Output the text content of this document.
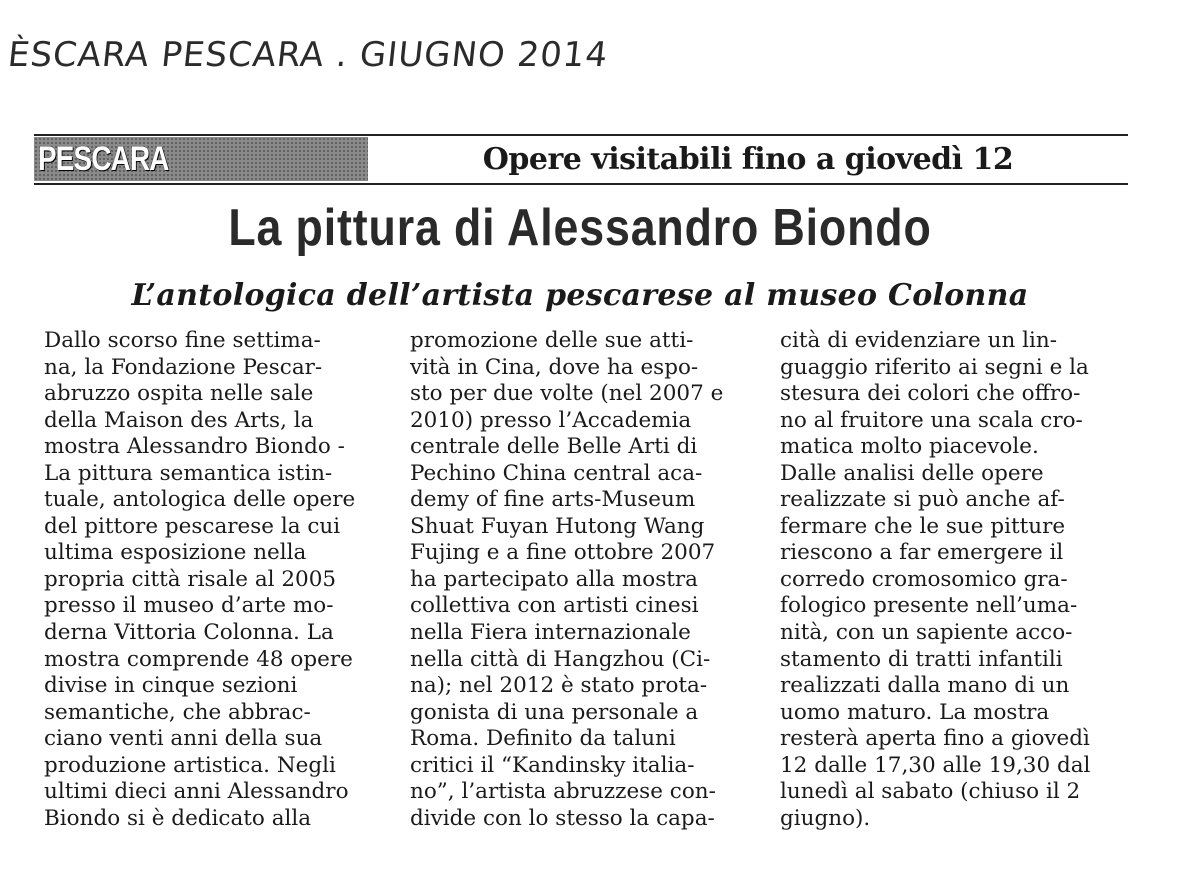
ÈSCARA PESCARA . GIUGNO 2014
PESCARA	Opere visitabili fino a giovedì 12
La pittura di Alessandro Biondo
L’antologica dell’artista pescarese al museo Colonna
Dallo scorso fine settima-
na, la Fondazione Pescar-
abruzzo ospita nelle sale
della Maison des Arts, la
mostra Alessandro Biondo -
La pittura semantica istin-
tuale, antologica delle opere
del pittore pescarese la cui
ultima esposizione nella
propria città risale al 2005
presso il museo d’arte mo-
derna Vittoria Colonna. La
mostra comprende 48 opere
divise in cinque sezioni
semantiche, che abbrac-
ciano venti anni della sua
produzione artistica. Negli
ultimi dieci anni Alessandro
Biondo si è dedicato alla
promozione delle sue atti-
vità in Cina, dove ha espo-
sto per due volte (nel 2007 e
2010) presso l’Accademia
centrale delle Belle Arti di
Pechino China central aca-
demy of fine arts-Museum
Shuat Fuyan Hutong Wang
Fujing e a fine ottobre 2007
ha partecipato alla mostra
collettiva con artisti cinesi
nella Fiera internazionale
nella città di Hangzhou (Ci-
na); nel 2012 è stato prota-
gonista di una personale a
Roma. Definito da taluni
critici il “Kandinsky italia-
no”, l’artista abruzzese con-
divide con lo stesso la capa-
cità di evidenziare un lin-
guaggio riferito ai segni e la
stesura dei colori che offro-
no al fruitore una scala cro-
matica molto piacevole.
Dalle analisi delle opere
realizzate si può anche af-
fermare che le sue pitture
riescono a far emergere il
corredo cromosomico gra-
fologico presente nell’uma-
nità, con un sapiente acco-
stamento di tratti infantili
realizzati dalla mano di un
uomo maturo. La mostra
resterà aperta fino a giovedì
12 dalle 17,30 alle 19,30 dal
lunedì al sabato (chiuso il 2
giugno).
